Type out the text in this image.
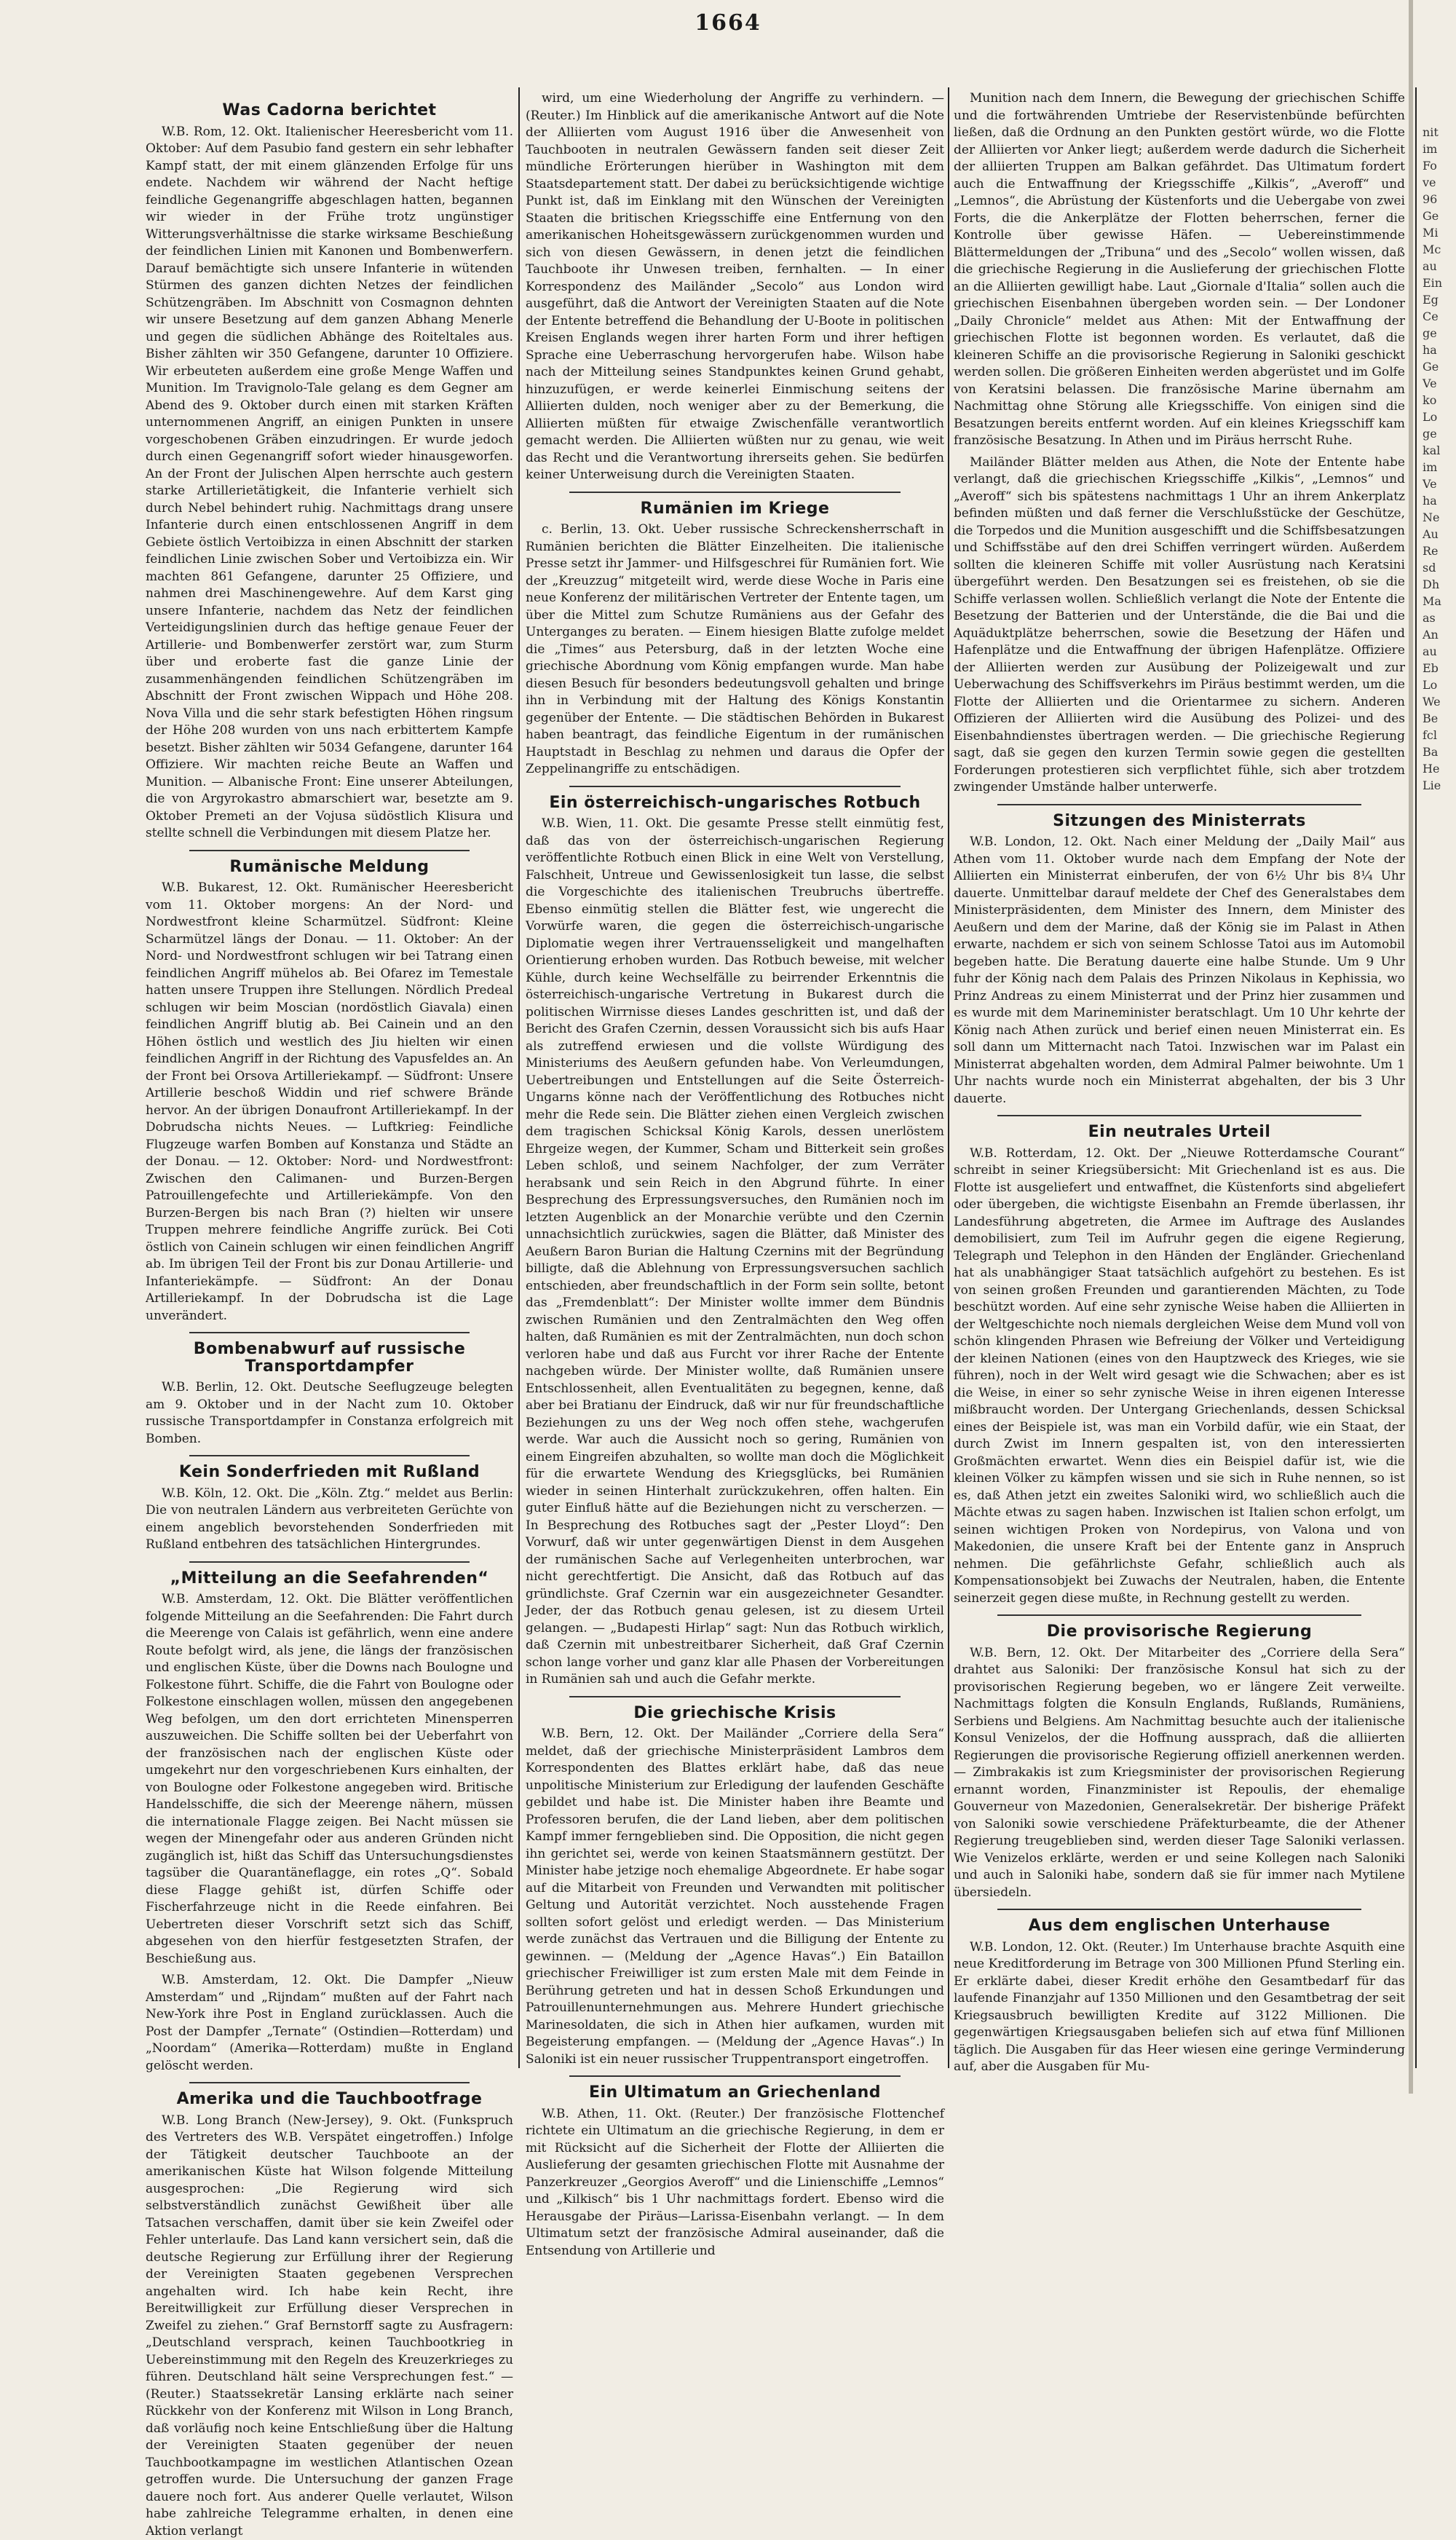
1664
Was Cadorna berichtet

W.B. Rom, 12. Okt. Italienischer Heeresbericht vom 11. Oktober: Auf dem Pasubio fand gestern ein sehr lebhafter Kampf statt, der mit einem glänzenden Erfolge für uns endete. Nachdem wir während der Nacht heftige feindliche Gegenangriffe abgeschlagen hatten, begannen wir wieder in der Frühe trotz ungünstiger Witterungsverhältnisse die starke wirksame Beschießung der feindlichen Linien mit Kanonen und Bombenwerfern. Darauf bemächtigte sich unsere Infanterie in wütenden Stürmen des ganzen dichten Netzes der feindlichen Schützengräben. Im Abschnitt von Cosmagnon dehnten wir unsere Besetzung auf dem ganzen Abhang Menerle und gegen die südlichen Abhänge des Roiteltales aus. Bisher zählten wir 350 Gefangene, darunter 10 Offiziere. Wir erbeuteten außerdem eine große Menge Waffen und Munition. Im Travignolo-Tale gelang es dem Gegner am Abend des 9. Oktober durch einen mit starken Kräften unternommenen Angriff, an einigen Punkten in unsere vorgeschobenen Gräben einzudringen. Er wurde jedoch durch einen Gegenangriff sofort wieder hinausgeworfen. An der Front der Julischen Alpen herrschte auch gestern starke Artillerietätigkeit, die Infanterie verhielt sich durch Nebel behindert ruhig. Nachmittags drang unsere Infanterie durch einen entschlossenen Angriff in dem Gebiete östlich Vertoibizza in einen Abschnitt der starken feindlichen Linie zwischen Sober und Vertoibizza ein. Wir machten 861 Gefangene, darunter 25 Offiziere, und nahmen drei Maschinengewehre. Auf dem Karst ging unsere Infanterie, nachdem das Netz der feindlichen Verteidigungslinien durch das heftige genaue Feuer der Artillerie- und Bombenwerfer zerstört war, zum Sturm über und eroberte fast die ganze Linie der zusammenhängenden feindlichen Schützengräben im Abschnitt der Front zwischen Wippach und Höhe 208. Nova Villa und die sehr stark befestigten Höhen ringsum der Höhe 208 wurden von uns nach erbittertem Kampfe besetzt. Bisher zählten wir 5034 Gefangene, darunter 164 Offiziere. Wir machten reiche Beute an Waffen und Munition. — Albanische Front: Eine unserer Abteilungen, die von Argyrokastro abmarschiert war, besetzte am 9. Oktober Premeti an der Vojusa südöstlich Klisura und stellte schnell die Verbindungen mit diesem Platze her.

Rumänische Meldung

W.B. Bukarest, 12. Okt. Rumänischer Heeresbericht vom 11. Oktober morgens: An der Nord- und Nordwestfront kleine Scharmützel. Südfront: Kleine Scharmützel längs der Donau. — 11. Oktober: An der Nord- und Nordwestfront schlugen wir bei Tatrang einen feindlichen Angriff mühelos ab. Bei Ofarez im Temestale hatten unsere Truppen ihre Stellungen. Nördlich Predeal schlugen wir beim Moscian (nordöstlich Giavala) einen feindlichen Angriff blutig ab. Bei Cainein und an den Höhen östlich und westlich des Jiu hielten wir einen feindlichen Angriff in der Richtung des Vapusfeldes an. An der Front bei Orsova Artilleriekampf. — Südfront: Unsere Artillerie beschoß Widdin und rief schwere Brände hervor. An der übrigen Donaufront Artilleriekampf. In der Dobrudscha nichts Neues. — Luftkrieg: Feindliche Flugzeuge warfen Bomben auf Konstanza und Städte an der Donau. — 12. Oktober: Nord- und Nordwestfront: Zwischen den Calimanen- und Burzen-Bergen Patrouillengefechte und Artilleriekämpfe. Von den Burzen-Bergen bis nach Bran (?) hielten wir unsere Truppen mehrere feindliche Angriffe zurück. Bei Coti östlich von Cainein schlugen wir einen feindlichen Angriff ab. Im übrigen Teil der Front bis zur Donau Artillerie- und Infanteriekämpfe. — Südfront: An der Donau Artilleriekampf. In der Dobrudscha ist die Lage unverändert.

Bombenabwurf auf russische Transportdampfer

W.B. Berlin, 12. Okt. Deutsche Seeflugzeuge belegten am 9. Oktober und in der Nacht zum 10. Oktober russische Transportdampfer in Constanza erfolgreich mit Bomben.

Kein Sonderfrieden mit Rußland

W.B. Köln, 12. Okt. Die „Köln. Ztg.“ meldet aus Berlin: Die von neutralen Ländern aus verbreiteten Gerüchte von einem angeblich bevorstehenden Sonderfrieden mit Rußland entbehren des tatsächlichen Hintergrundes.

„Mitteilung an die Seefahrenden“

W.B. Amsterdam, 12. Okt. Die Blätter veröffentlichen folgende Mitteilung an die Seefahrenden: Die Fahrt durch die Meerenge von Calais ist gefährlich, wenn eine andere Route befolgt wird, als jene, die längs der französischen und englischen Küste, über die Downs nach Boulogne und Folkestone führt. Schiffe, die die Fahrt von Boulogne oder Folkestone einschlagen wollen, müssen den angegebenen Weg befolgen, um den dort errichteten Minensperren auszuweichen. Die Schiffe sollten bei der Ueberfahrt von der französischen nach der englischen Küste oder umgekehrt nur den vorgeschriebenen Kurs einhalten, der von Boulogne oder Folkestone angegeben wird. Britische Handelsschiffe, die sich der Meerenge nähern, müssen die internationale Flagge zeigen. Bei Nacht müssen sie wegen der Minengefahr oder aus anderen Gründen nicht zugänglich ist, hißt das Schiff das Untersuchungsdienstes tagsüber die Quarantäneflagge, ein rotes „Q“. Sobald diese Flagge gehißt ist, dürfen Schiffe oder Fischerfahrzeuge nicht in die Reede einfahren. Bei Uebertreten dieser Vorschrift setzt sich das Schiff, abgesehen von den hierfür festgesetzten Strafen, der Beschießung aus.

W.B. Amsterdam, 12. Okt. Die Dampfer „Nieuw Amsterdam“ und „Rijndam“ mußten auf der Fahrt nach New-York ihre Post in England zurücklassen. Auch die Post der Dampfer „Ternate“ (Ostindien—Rotterdam) und „Noordam“ (Amerika—Rotterdam) mußte in England gelöscht werden.

Amerika und die Tauchbootfrage

W.B. Long Branch (New-Jersey), 9. Okt. (Funkspruch des Vertreters des W.B. Verspätet eingetroffen.) Infolge der Tätigkeit deutscher Tauchboote an der amerikanischen Küste hat Wilson folgende Mitteilung ausgesprochen: „Die Regierung wird sich selbstverständlich zunächst Gewißheit über alle Tatsachen verschaffen, damit über sie kein Zweifel oder Fehler unterlaufe. Das Land kann versichert sein, daß die deutsche Regierung zur Erfüllung ihrer der Regierung der Vereinigten Staaten gegebenen Versprechen angehalten wird. Ich habe kein Recht, ihre Bereitwilligkeit zur Erfüllung dieser Versprechen in Zweifel zu ziehen.“ Graf Bernstorff sagte zu Ausfragern: „Deutschland versprach, keinen Tauchbootkrieg in Uebereinstimmung mit den Regeln des Kreuzerkrieges zu führen. Deutschland hält seine Versprechungen fest.“ — (Reuter.) Staatssekretär Lansing erklärte nach seiner Rückkehr von der Konferenz mit Wilson in Long Branch, daß vorläufig noch keine Entschließung über die Haltung der Vereinigten Staaten gegenüber der neuen Tauchbootkampagne im westlichen Atlantischen Ozean getroffen wurde. Die Untersuchung der ganzen Frage dauere noch fort. Aus anderer Quelle verlautet, Wilson habe zahlreiche Telegramme erhalten, in denen eine Aktion verlangt

wird, um eine Wiederholung der Angriffe zu verhindern. — (Reuter.) Im Hinblick auf die amerikanische Antwort auf die Note der Alliierten vom August 1916 über die Anwesenheit von Tauchbooten in neutralen Gewässern fanden seit dieser Zeit mündliche Erörterungen hierüber in Washington mit dem Staatsdepartement statt. Der dabei zu berücksichtigende wichtige Punkt ist, daß im Einklang mit den Wünschen der Vereinigten Staaten die britischen Kriegsschiffe eine Entfernung von den amerikanischen Hoheitsgewässern zurückgenommen wurden und sich von diesen Gewässern, in denen jetzt die feindlichen Tauchboote ihr Unwesen treiben, fernhalten. — In einer Korrespondenz des Mailänder „Secolo“ aus London wird ausgeführt, daß die Antwort der Vereinigten Staaten auf die Note der Entente betreffend die Behandlung der U-Boote in politischen Kreisen Englands wegen ihrer harten Form und ihrer heftigen Sprache eine Ueberraschung hervorgerufen habe. Wilson habe nach der Mitteilung seines Standpunktes keinen Grund gehabt, hinzuzufügen, er werde keinerlei Einmischung seitens der Alliierten dulden, noch weniger aber zu der Bemerkung, die Alliierten müßten für etwaige Zwischenfälle verantwortlich gemacht werden. Die Alliierten wüßten nur zu genau, wie weit das Recht und die Verantwortung ihrerseits gehen. Sie bedürfen keiner Unterweisung durch die Vereinigten Staaten.

Rumänien im Kriege

c. Berlin, 13. Okt. Ueber russische Schreckensherrschaft in Rumänien berichten die Blätter Einzelheiten. Die italienische Presse setzt ihr Jammer- und Hilfsgeschrei für Rumänien fort. Wie der „Kreuzzug“ mitgeteilt wird, werde diese Woche in Paris eine neue Konferenz der militärischen Vertreter der Entente tagen, um über die Mittel zum Schutze Rumäniens aus der Gefahr des Unterganges zu beraten. — Einem hiesigen Blatte zufolge meldet die „Times“ aus Petersburg, daß in der letzten Woche eine griechische Abordnung vom König empfangen wurde. Man habe diesen Besuch für besonders bedeutungsvoll gehalten und bringe ihn in Verbindung mit der Haltung des Königs Konstantin gegenüber der Entente. — Die städtischen Behörden in Bukarest haben beantragt, das feindliche Eigentum in der rumänischen Hauptstadt in Beschlag zu nehmen und daraus die Opfer der Zeppelinangriffe zu entschädigen.

Ein österreichisch-ungarisches Rotbuch

W.B. Wien, 11. Okt. Die gesamte Presse stellt einmütig fest, daß das von der österreichisch-ungarischen Regierung veröffentlichte Rotbuch einen Blick in eine Welt von Verstellung, Falschheit, Untreue und Gewissenlosigkeit tun lasse, die selbst die Vorgeschichte des italienischen Treubruchs übertreffe. Ebenso einmütig stellen die Blätter fest, wie ungerecht die Vorwürfe waren, die gegen die österreichisch-ungarische Diplomatie wegen ihrer Vertrauensseligkeit und mangelhaften Orientierung erhoben wurden. Das Rotbuch beweise, mit welcher Kühle, durch keine Wechselfälle zu beirrender Erkenntnis die österreichisch-ungarische Vertretung in Bukarest durch die politischen Wirrnisse dieses Landes geschritten ist, und daß der Bericht des Grafen Czernin, dessen Voraussicht sich bis aufs Haar als zutreffend erwiesen und die vollste Würdigung des Ministeriums des Aeußern gefunden habe. Von Verleumdungen, Uebertreibungen und Entstellungen auf die Seite Österreich-Ungarns könne nach der Veröffentlichung des Rotbuches nicht mehr die Rede sein. Die Blätter ziehen einen Vergleich zwischen dem tragischen Schicksal König Karols, dessen unerlöstem Ehrgeize wegen, der Kummer, Scham und Bitterkeit sein großes Leben schloß, und seinem Nachfolger, der zum Verräter herabsank und sein Reich in den Abgrund führte. In einer Besprechung des Erpressungsversuches, den Rumänien noch im letzten Augenblick an der Monarchie verübte und den Czernin unnachsichtlich zurückwies, sagen die Blätter, daß Minister des Aeußern Baron Burian die Haltung Czernins mit der Begründung billigte, daß die Ablehnung von Erpressungsversuchen sachlich entschieden, aber freundschaftlich in der Form sein sollte, betont das „Fremdenblatt“: Der Minister wollte immer dem Bündnis zwischen Rumänien und den Zentralmächten den Weg offen halten, daß Rumänien es mit der Zentralmächten, nun doch schon verloren habe und daß aus Furcht vor ihrer Rache der Entente nachgeben würde. Der Minister wollte, daß Rumänien unsere Entschlossenheit, allen Eventualitäten zu begegnen, kenne, daß aber bei Bratianu der Eindruck, daß wir nur für freundschaftliche Beziehungen zu uns der Weg noch offen stehe, wachgerufen werde. War auch die Aussicht noch so gering, Rumänien von einem Eingreifen abzuhalten, so wollte man doch die Möglichkeit für die erwartete Wendung des Kriegsglücks, bei Rumänien wieder in seinen Hinterhalt zurückzukehren, offen halten. Ein guter Einfluß hätte auf die Beziehungen nicht zu verscherzen. — In Besprechung des Rotbuches sagt der „Pester Lloyd“: Den Vorwurf, daß wir unter gegenwärtigen Dienst in dem Ausgehen der rumänischen Sache auf Verlegenheiten unterbrochen, war nicht gerechtfertigt. Die Ansicht, daß das Rotbuch auf das gründlichste. Graf Czernin war ein ausgezeichneter Gesandter. Jeder, der das Rotbuch genau gelesen, ist zu diesem Urteil gelangen. — „Budapesti Hirlap“ sagt: Nun das Rotbuch wirklich, daß Czernin mit unbestreitbarer Sicherheit, daß Graf Czernin schon lange vorher und ganz klar alle Phasen der Vorbereitungen in Rumänien sah und auch die Gefahr merkte.

Die griechische Krisis

W.B. Bern, 12. Okt. Der Mailänder „Corriere della Sera“ meldet, daß der griechische Ministerpräsident Lambros dem Korrespondenten des Blattes erklärt habe, daß das neue unpolitische Ministerium zur Erledigung der laufenden Geschäfte gebildet und habe ist. Die Minister haben ihre Beamte und Professoren berufen, die der Land lieben, aber dem politischen Kampf immer ferngeblieben sind. Die Opposition, die nicht gegen ihn gerichtet sei, werde von keinen Staatsmännern gestützt. Der Minister habe jetzige noch ehemalige Abgeordnete. Er habe sogar auf die Mitarbeit von Freunden und Verwandten mit politischer Geltung und Autorität verzichtet. Noch ausstehende Fragen sollten sofort gelöst und erledigt werden. — Das Ministerium werde zunächst das Vertrauen und die Billigung der Entente zu gewinnen. — (Meldung der „Agence Havas“.) Ein Bataillon griechischer Freiwilliger ist zum ersten Male mit dem Feinde in Berührung getreten und hat in dessen Schoß Erkundungen und Patrouillenunternehmungen aus. Mehrere Hundert griechische Marinesoldaten, die sich in Athen hier aufkamen, wurden mit Begeisterung empfangen. — (Meldung der „Agence Havas“.) In Saloniki ist ein neuer russischer Truppentransport eingetroffen.

Ein Ultimatum an Griechenland

W.B. Athen, 11. Okt. (Reuter.) Der französische Flottenchef richtete ein Ultimatum an die griechische Regierung, in dem er mit Rücksicht auf die Sicherheit der Flotte der Alliierten die Auslieferung der gesamten griechischen Flotte mit Ausnahme der Panzerkreuzer „Georgios Averoff“ und die Linienschiffe „Lemnos“ und „Kilkisch“ bis 1 Uhr nachmittags fordert. Ebenso wird die Herausgabe der Piräus—Larissa-Eisenbahn verlangt. — In dem Ultimatum setzt der französische Admiral auseinander, daß die Entsendung von Artillerie und

Munition nach dem Innern, die Bewegung der griechischen Schiffe und die fortwährenden Umtriebe der Reservistenbünde befürchten ließen, daß die Ordnung an den Punkten gestört würde, wo die Flotte der Alliierten vor Anker liegt; außerdem werde dadurch die Sicherheit der alliierten Truppen am Balkan gefährdet. Das Ultimatum fordert auch die Entwaffnung der Kriegsschiffe „Kilkis“, „Averoff“ und „Lemnos“, die Abrüstung der Küstenforts und die Uebergabe von zwei Forts, die die Ankerplätze der Flotten beherrschen, ferner die Kontrolle über gewisse Häfen. — Uebereinstimmende Blättermeldungen der „Tribuna“ und des „Secolo“ wollen wissen, daß die griechische Regierung in die Auslieferung der griechischen Flotte an die Alliierten gewilligt habe. Laut „Giornale d'Italia“ sollen auch die griechischen Eisenbahnen übergeben worden sein. — Der Londoner „Daily Chronicle“ meldet aus Athen: Mit der Entwaffnung der griechischen Flotte ist begonnen worden. Es verlautet, daß die kleineren Schiffe an die provisorische Regierung in Saloniki geschickt werden sollen. Die größeren Einheiten werden abgerüstet und im Golfe von Keratsini belassen. Die französische Marine übernahm am Nachmittag ohne Störung alle Kriegsschiffe. Von einigen sind die Besatzungen bereits entfernt worden. Auf ein kleines Kriegsschiff kam französische Besatzung. In Athen und im Piräus herrscht Ruhe.

Mailänder Blätter melden aus Athen, die Note der Entente habe verlangt, daß die griechischen Kriegsschiffe „Kilkis“, „Lemnos“ und „Averoff“ sich bis spätestens nachmittags 1 Uhr an ihrem Ankerplatz befinden müßten und daß ferner die Verschlußstücke der Geschütze, die Torpedos und die Munition ausgeschifft und die Schiffsbesatzungen und Schiffsstäbe auf den drei Schiffen verringert würden. Außerdem sollten die kleineren Schiffe mit voller Ausrüstung nach Keratsini übergeführt werden. Den Besatzungen sei es freistehen, ob sie die Schiffe verlassen wollen. Schließlich verlangt die Note der Entente die Besetzung der Batterien und der Unterstände, die die Bai und die Aquäduktplätze beherrschen, sowie die Besetzung der Häfen und Hafenplätze und die Entwaffnung der übrigen Hafenplätze. Offiziere der Alliierten werden zur Ausübung der Polizeigewalt und zur Ueberwachung des Schiffsverkehrs im Piräus bestimmt werden, um die Flotte der Alliierten und die Orientarmee zu sichern. Anderen Offizieren der Alliierten wird die Ausübung des Polizei- und des Eisenbahndienstes übertragen werden. — Die griechische Regierung sagt, daß sie gegen den kurzen Termin sowie gegen die gestellten Forderungen protestieren sich verpflichtet fühle, sich aber trotzdem zwingender Umstände halber unterwerfe.

Sitzungen des Ministerrats

W.B. London, 12. Okt. Nach einer Meldung der „Daily Mail“ aus Athen vom 11. Oktober wurde nach dem Empfang der Note der Alliierten ein Ministerrat einberufen, der von 6½ Uhr bis 8¼ Uhr dauerte. Unmittelbar darauf meldete der Chef des Generalstabes dem Ministerpräsidenten, dem Minister des Innern, dem Minister des Aeußern und dem der Marine, daß der König sie im Palast in Athen erwarte, nachdem er sich von seinem Schlosse Tatoi aus im Automobil begeben hatte. Die Beratung dauerte eine halbe Stunde. Um 9 Uhr fuhr der König nach dem Palais des Prinzen Nikolaus in Kephissia, wo Prinz Andreas zu einem Ministerrat und der Prinz hier zusammen und es wurde mit dem Marineminister beratschlagt. Um 10 Uhr kehrte der König nach Athen zurück und berief einen neuen Ministerrat ein. Es soll dann um Mitternacht nach Tatoi. Inzwischen war im Palast ein Ministerrat abgehalten worden, dem Admiral Palmer beiwohnte. Um 1 Uhr nachts wurde noch ein Ministerrat abgehalten, der bis 3 Uhr dauerte.

Ein neutrales Urteil

W.B. Rotterdam, 12. Okt. Der „Nieuwe Rotterdamsche Courant“ schreibt in seiner Kriegsübersicht: Mit Griechenland ist es aus. Die Flotte ist ausgeliefert und entwaffnet, die Küstenforts sind abgeliefert oder übergeben, die wichtigste Eisenbahn an Fremde überlassen, ihr Landesführung abgetreten, die Armee im Auftrage des Auslandes demobilisiert, zum Teil im Aufruhr gegen die eigene Regierung, Telegraph und Telephon in den Händen der Engländer. Griechenland hat als unabhängiger Staat tatsächlich aufgehört zu bestehen. Es ist von seinen großen Freunden und garantierenden Mächten, zu Tode beschützt worden. Auf eine sehr zynische Weise haben die Alliierten in der Weltgeschichte noch niemals dergleichen Weise dem Mund voll von schön klingenden Phrasen wie Befreiung der Völker und Verteidigung der kleinen Nationen (eines von den Hauptzweck des Krieges, wie sie führen), noch in der Welt wird gesagt wie die Schwachen; aber es ist die Weise, in einer so sehr zynische Weise in ihren eigenen Interesse mißbraucht worden. Der Untergang Griechenlands, dessen Schicksal eines der Beispiele ist, was man ein Vorbild dafür, wie ein Staat, der durch Zwist im Innern gespalten ist, von den interessierten Großmächten erwartet. Wenn dies ein Beispiel dafür ist, wie die kleinen Völker zu kämpfen wissen und sie sich in Ruhe nennen, so ist es, daß Athen jetzt ein zweites Saloniki wird, wo schließlich auch die Mächte etwas zu sagen haben. Inzwischen ist Italien schon erfolgt, um seinen wichtigen Proken von Nordepirus, von Valona und von Makedonien, die unsere Kraft bei der Entente ganz in Anspruch nehmen. Die gefährlichste Gefahr, schließlich auch als Kompensationsobjekt bei Zuwachs der Neutralen, haben, die Entente seinerzeit gegen diese mußte, in Rechnung gestellt zu werden.

Die provisorische Regierung

W.B. Bern, 12. Okt. Der Mitarbeiter des „Corriere della Sera“ drahtet aus Saloniki: Der französische Konsul hat sich zu der provisorischen Regierung begeben, wo er längere Zeit verweilte. Nachmittags folgten die Konsuln Englands, Rußlands, Rumäniens, Serbiens und Belgiens. Am Nachmittag besuchte auch der italienische Konsul Venizelos, der die Hoffnung aussprach, daß die alliierten Regierungen die provisorische Regierung offiziell anerkennen werden. — Zimbrakakis ist zum Kriegsminister der provisorischen Regierung ernannt worden, Finanzminister ist Repoulis, der ehemalige Gouverneur von Mazedonien, Generalsekretär. Der bisherige Präfekt von Saloniki sowie verschiedene Präfekturbeamte, die der Athener Regierung treugeblieben sind, werden dieser Tage Saloniki verlassen. Wie Venizelos erklärte, werden er und seine Kollegen nach Saloniki und auch in Saloniki habe, sondern daß sie für immer nach Mytilene übersiedeln.

Aus dem englischen Unterhause

W.B. London, 12. Okt. (Reuter.) Im Unterhause brachte Asquith eine neue Kreditforderung im Betrage von 300 Millionen Pfund Sterling ein. Er erklärte dabei, dieser Kredit erhöhe den Gesamtbedarf für das laufende Finanzjahr auf 1350 Millionen und den Gesamtbetrag der seit Kriegsausbruch bewilligten Kredite auf 3122 Millionen. Die gegenwärtigen Kriegsausgaben beliefen sich auf etwa fünf Millionen täglich. Die Ausgaben für das Heer wiesen eine geringe Verminderung auf, aber die Ausgaben für Mu-

nit
im
Fo
ve
96
Ge
Mi
Mc
au
Ein
Eg
Ce
ge
ha
Ge
Ve
ko
Lo
ge
kal
im
Ve
ha
Ne
Au
Re
sd
Dh
Ma
as
An
au
Eb
Lo
We
Be
fcl
Ba
He
Lie
